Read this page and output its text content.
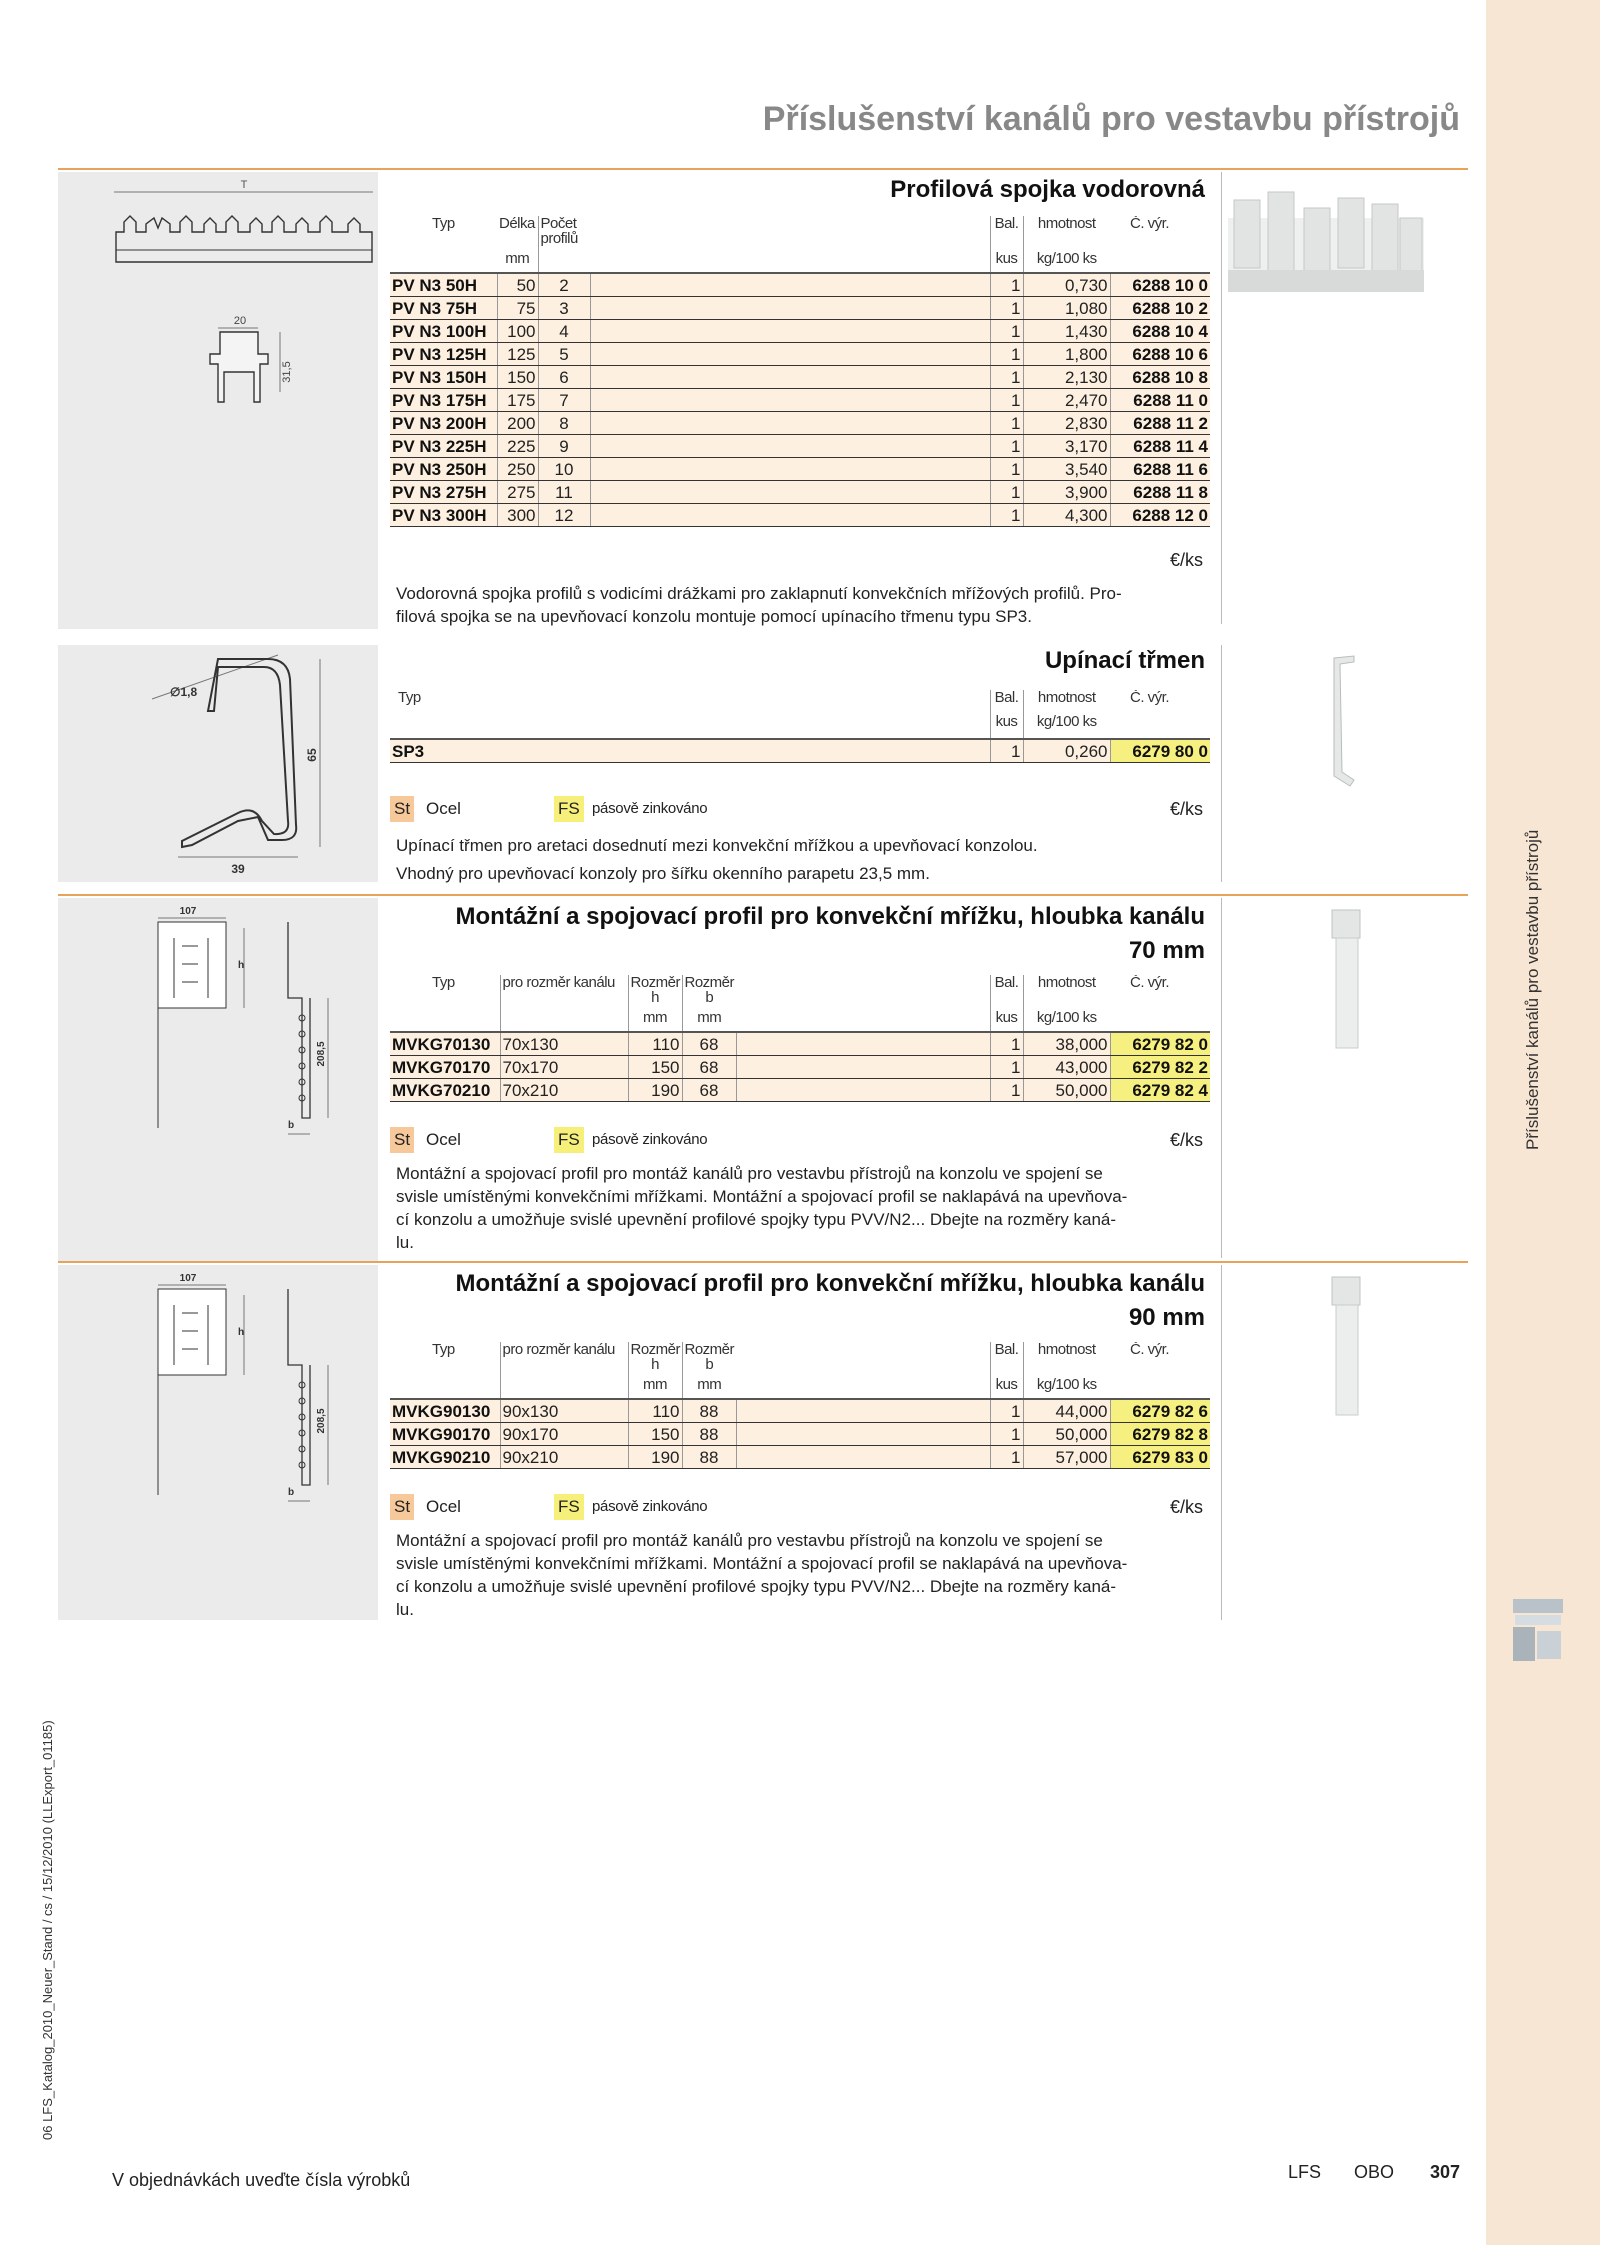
Příslušenství kanálů pro vestavbu přístrojů
06 LFS_Katalog_2010_Neuer_Stand / cs / 15/12/2010 (LLExport_01185)
Příslušenství kanálů pro vestavbu přístrojů
T
20
31,5
Profilová spojka vodorovná
Typ	Délka	Počet
profilů		Bal.	hmotnost	Č. výr.
	mm			kus	kg/100 ks	
PV N3 50H	50	2		1	0,730	6288 10 0
PV N3 75H	75	3		1	1,080	6288 10 2
PV N3 100H	100	4		1	1,430	6288 10 4
PV N3 125H	125	5		1	1,800	6288 10 6
PV N3 150H	150	6		1	2,130	6288 10 8
PV N3 175H	175	7		1	2,470	6288 11 0
PV N3 200H	200	8		1	2,830	6288 11 2
PV N3 225H	225	9		1	3,170	6288 11 4
PV N3 250H	250	10		1	3,540	6288 11 6
PV N3 275H	275	11		1	3,900	6288 11 8
PV N3 300H	300	12		1	4,300	6288 12 0
€/ks
Vodorovná spojka profilů s vodicími drážkami pro zaklapnutí konvekčních mřížových profilů. Pro-
filová spojka se na upevňovací konzolu montuje pomocí upínacího třmenu typu SP3.
∅1,8
65
39
Upínací třmen
Typ	Bal.	hmotnost	Č. výr.
	kus	kg/100 ks	
SP3	1	0,260	6279 80 0
St Ocel	FS pásově zinkováno	€/ks
Upínací třmen pro aretaci dosednutí mezi konvekční mřížkou a upevňovací konzolou.
Vhodný pro upevňovací konzoly pro šířku okenního parapetu 23,5 mm.
107
h
208,5
b
Montážní a spojovací profil pro konvekční mřížku, hloubka kanálu
70 mm
Typ	pro rozměr kanálu	Rozměr
h	Rozměr
b		Bal.	hmotnost	Č. výr.
		mm	mm		kus	kg/100 ks	
MVKG70130	70x130	110	68		1	38,000	6279 82 0
MVKG70170	70x170	150	68		1	43,000	6279 82 2
MVKG70210	70x210	190	68		1	50,000	6279 82 4
St Ocel	FS pásově zinkováno	€/ks
Montážní a spojovací profil pro montáž kanálů pro vestavbu přístrojů na konzolu ve spojení se
svisle umístěnými konvekčními mřížkami. Montážní a spojovací profil se naklapává na upevňova-
cí konzolu a umožňuje svislé upevnění profilové spojky typu PVV/N2... Dbejte na rozměry kaná-
lu.
107
h
208,5
b
Montážní a spojovací profil pro konvekční mřížku, hloubka kanálu
90 mm
Typ	pro rozměr kanálu	Rozměr
h	Rozměr
b		Bal.	hmotnost	Č. výr.
		mm	mm		kus	kg/100 ks	
MVKG90130	90x130	110	88		1	44,000	6279 82 6
MVKG90170	90x170	150	88		1	50,000	6279 82 8
MVKG90210	90x210	190	88		1	57,000	6279 83 0
St Ocel	FS pásově zinkováno	€/ks
Montážní a spojovací profil pro montáž kanálů pro vestavbu přístrojů na konzolu ve spojení se
svisle umístěnými konvekčními mřížkami. Montážní a spojovací profil se naklapává na upevňova-
cí konzolu a umožňuje svislé upevnění profilové spojky typu PVV/N2... Dbejte na rozměry kaná-
lu.
V objednávkách uveďte čísla výrobků	LFS OBO 307
